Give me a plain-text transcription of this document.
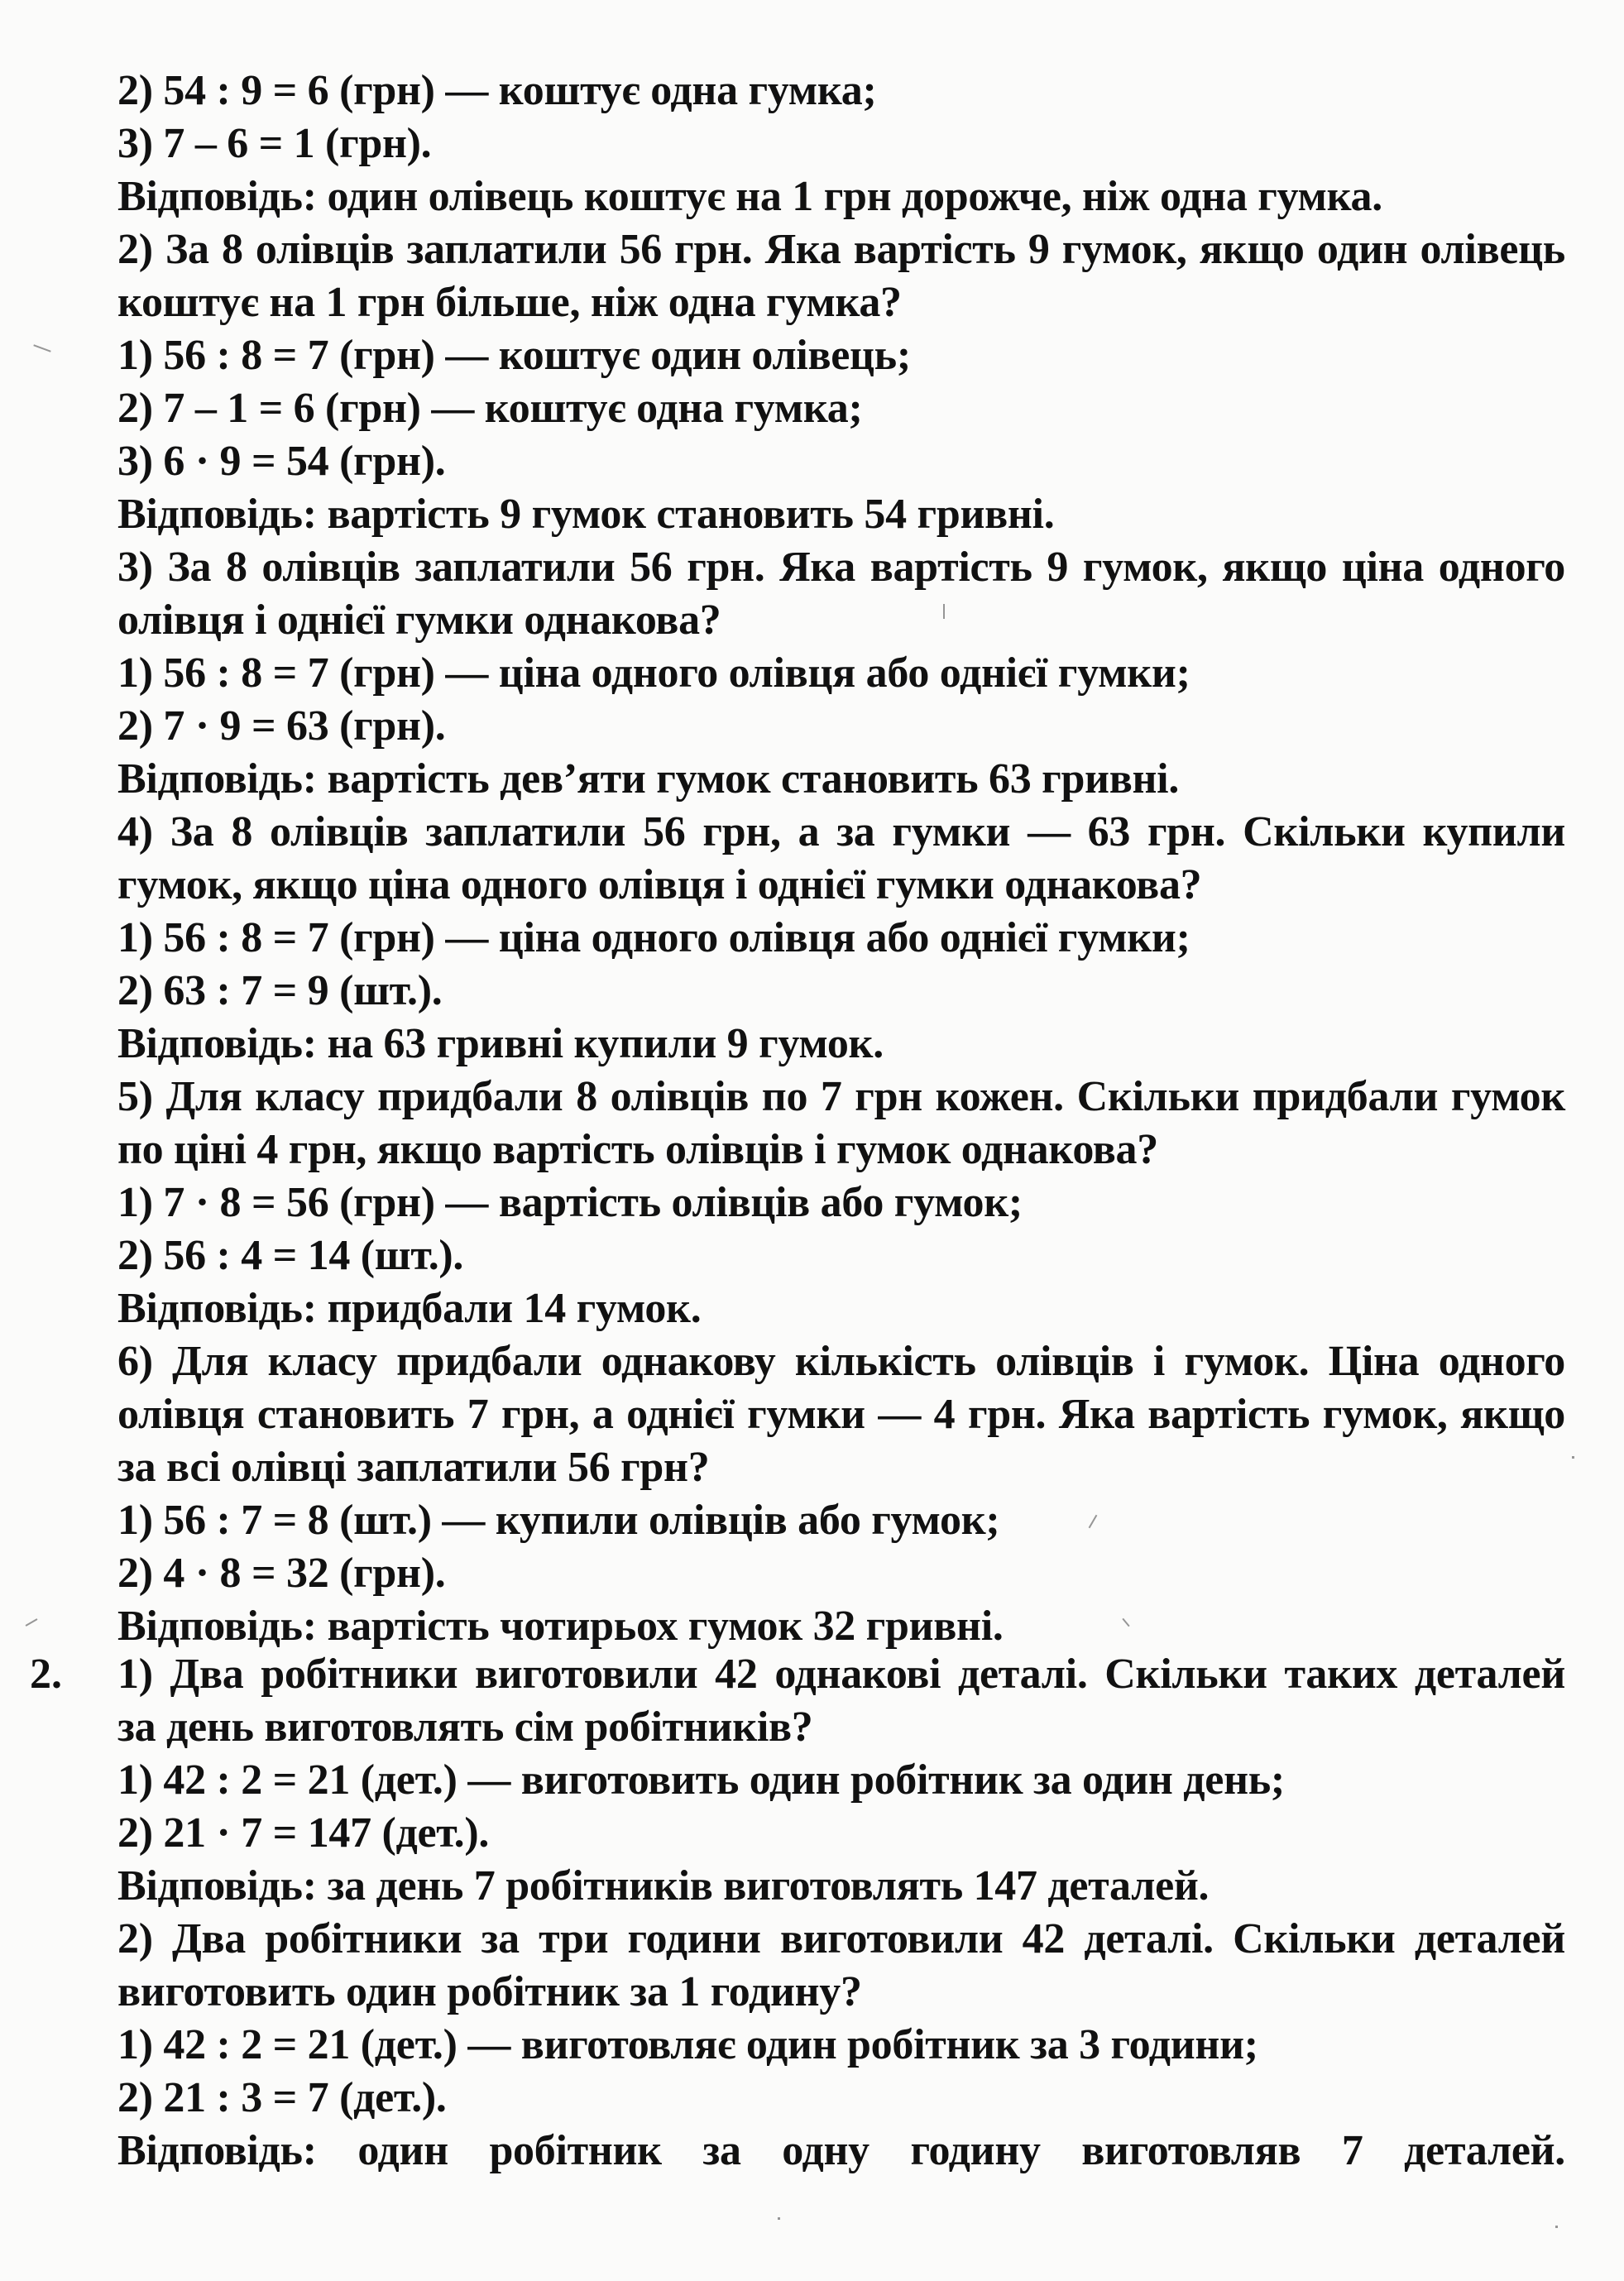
2.
2) 54 : 9 = 6 (грн) — коштує одна гумка;
3) 7 – 6 = 1 (грн).
Відповідь: один олівець коштує на 1 грн дорожче, ніж одна гумка.
2) За 8 олівців заплатили 56 грн. Яка вартість 9 гумок, якщо один олівець
коштує на 1 грн більше, ніж одна гумка?
1) 56 : 8 = 7 (грн) — коштує один олівець;
2) 7 – 1 = 6 (грн) — коштує одна гумка;
3) 6 · 9 = 54 (грн).
Відповідь: вартість 9 гумок становить 54 гривні.
3) За 8 олівців заплатили 56 грн. Яка вартість 9 гумок, якщо ціна одного
олівця і однієї гумки однакова?
1) 56 : 8 = 7 (грн) — ціна одного олівця або однієї гумки;
2) 7 · 9 = 63 (грн).
Відповідь: вартість дев’яти гумок становить 63 гривні.
4) За 8 олівців заплатили 56 грн, а за гумки — 63 грн. Скільки купили
гумок, якщо ціна одного олівця і однієї гумки однакова?
1) 56 : 8 = 7 (грн) — ціна одного олівця або однієї гумки;
2) 63 : 7 = 9 (шт.).
Відповідь: на 63 гривні купили 9 гумок.
5) Для класу придбали 8 олівців по 7 грн кожен. Скільки придбали гумок
по ціні 4 грн, якщо вартість олівців і гумок однакова?
1) 7 · 8 = 56 (грн) — вартість олівців або гумок;
2) 56 : 4 = 14 (шт.).
Відповідь: придбали 14 гумок.
6) Для класу придбали однакову кількість олівців і гумок. Ціна одного
олівця становить 7 грн, а однієї гумки — 4 грн. Яка вартість гумок, якщо
за всі олівці заплатили 56 грн?
1) 56 : 7 = 8 (шт.) — купили олівців або гумок;
2) 4 · 8 = 32 (грн).
Відповідь: вартість чотирьох гумок 32 гривні.
1) Два робітники виготовили 42 однакові деталі. Скільки таких деталей
за день виготовлять сім робітників?
1) 42 : 2 = 21 (дет.) — виготовить один робітник за один день;
2) 21 · 7 = 147 (дет.).
Відповідь: за день 7 робітників виготовлять 147 деталей.
2) Два робітники за три години виготовили 42 деталі. Скільки деталей
виготовить один робітник за 1 годину?
1) 42 : 2 = 21 (дет.) — виготовляє один робітник за 3 години;
2) 21 : 3 = 7 (дет.).
Відповідь: один робітник за одну годину виготовляв 7 деталей.
